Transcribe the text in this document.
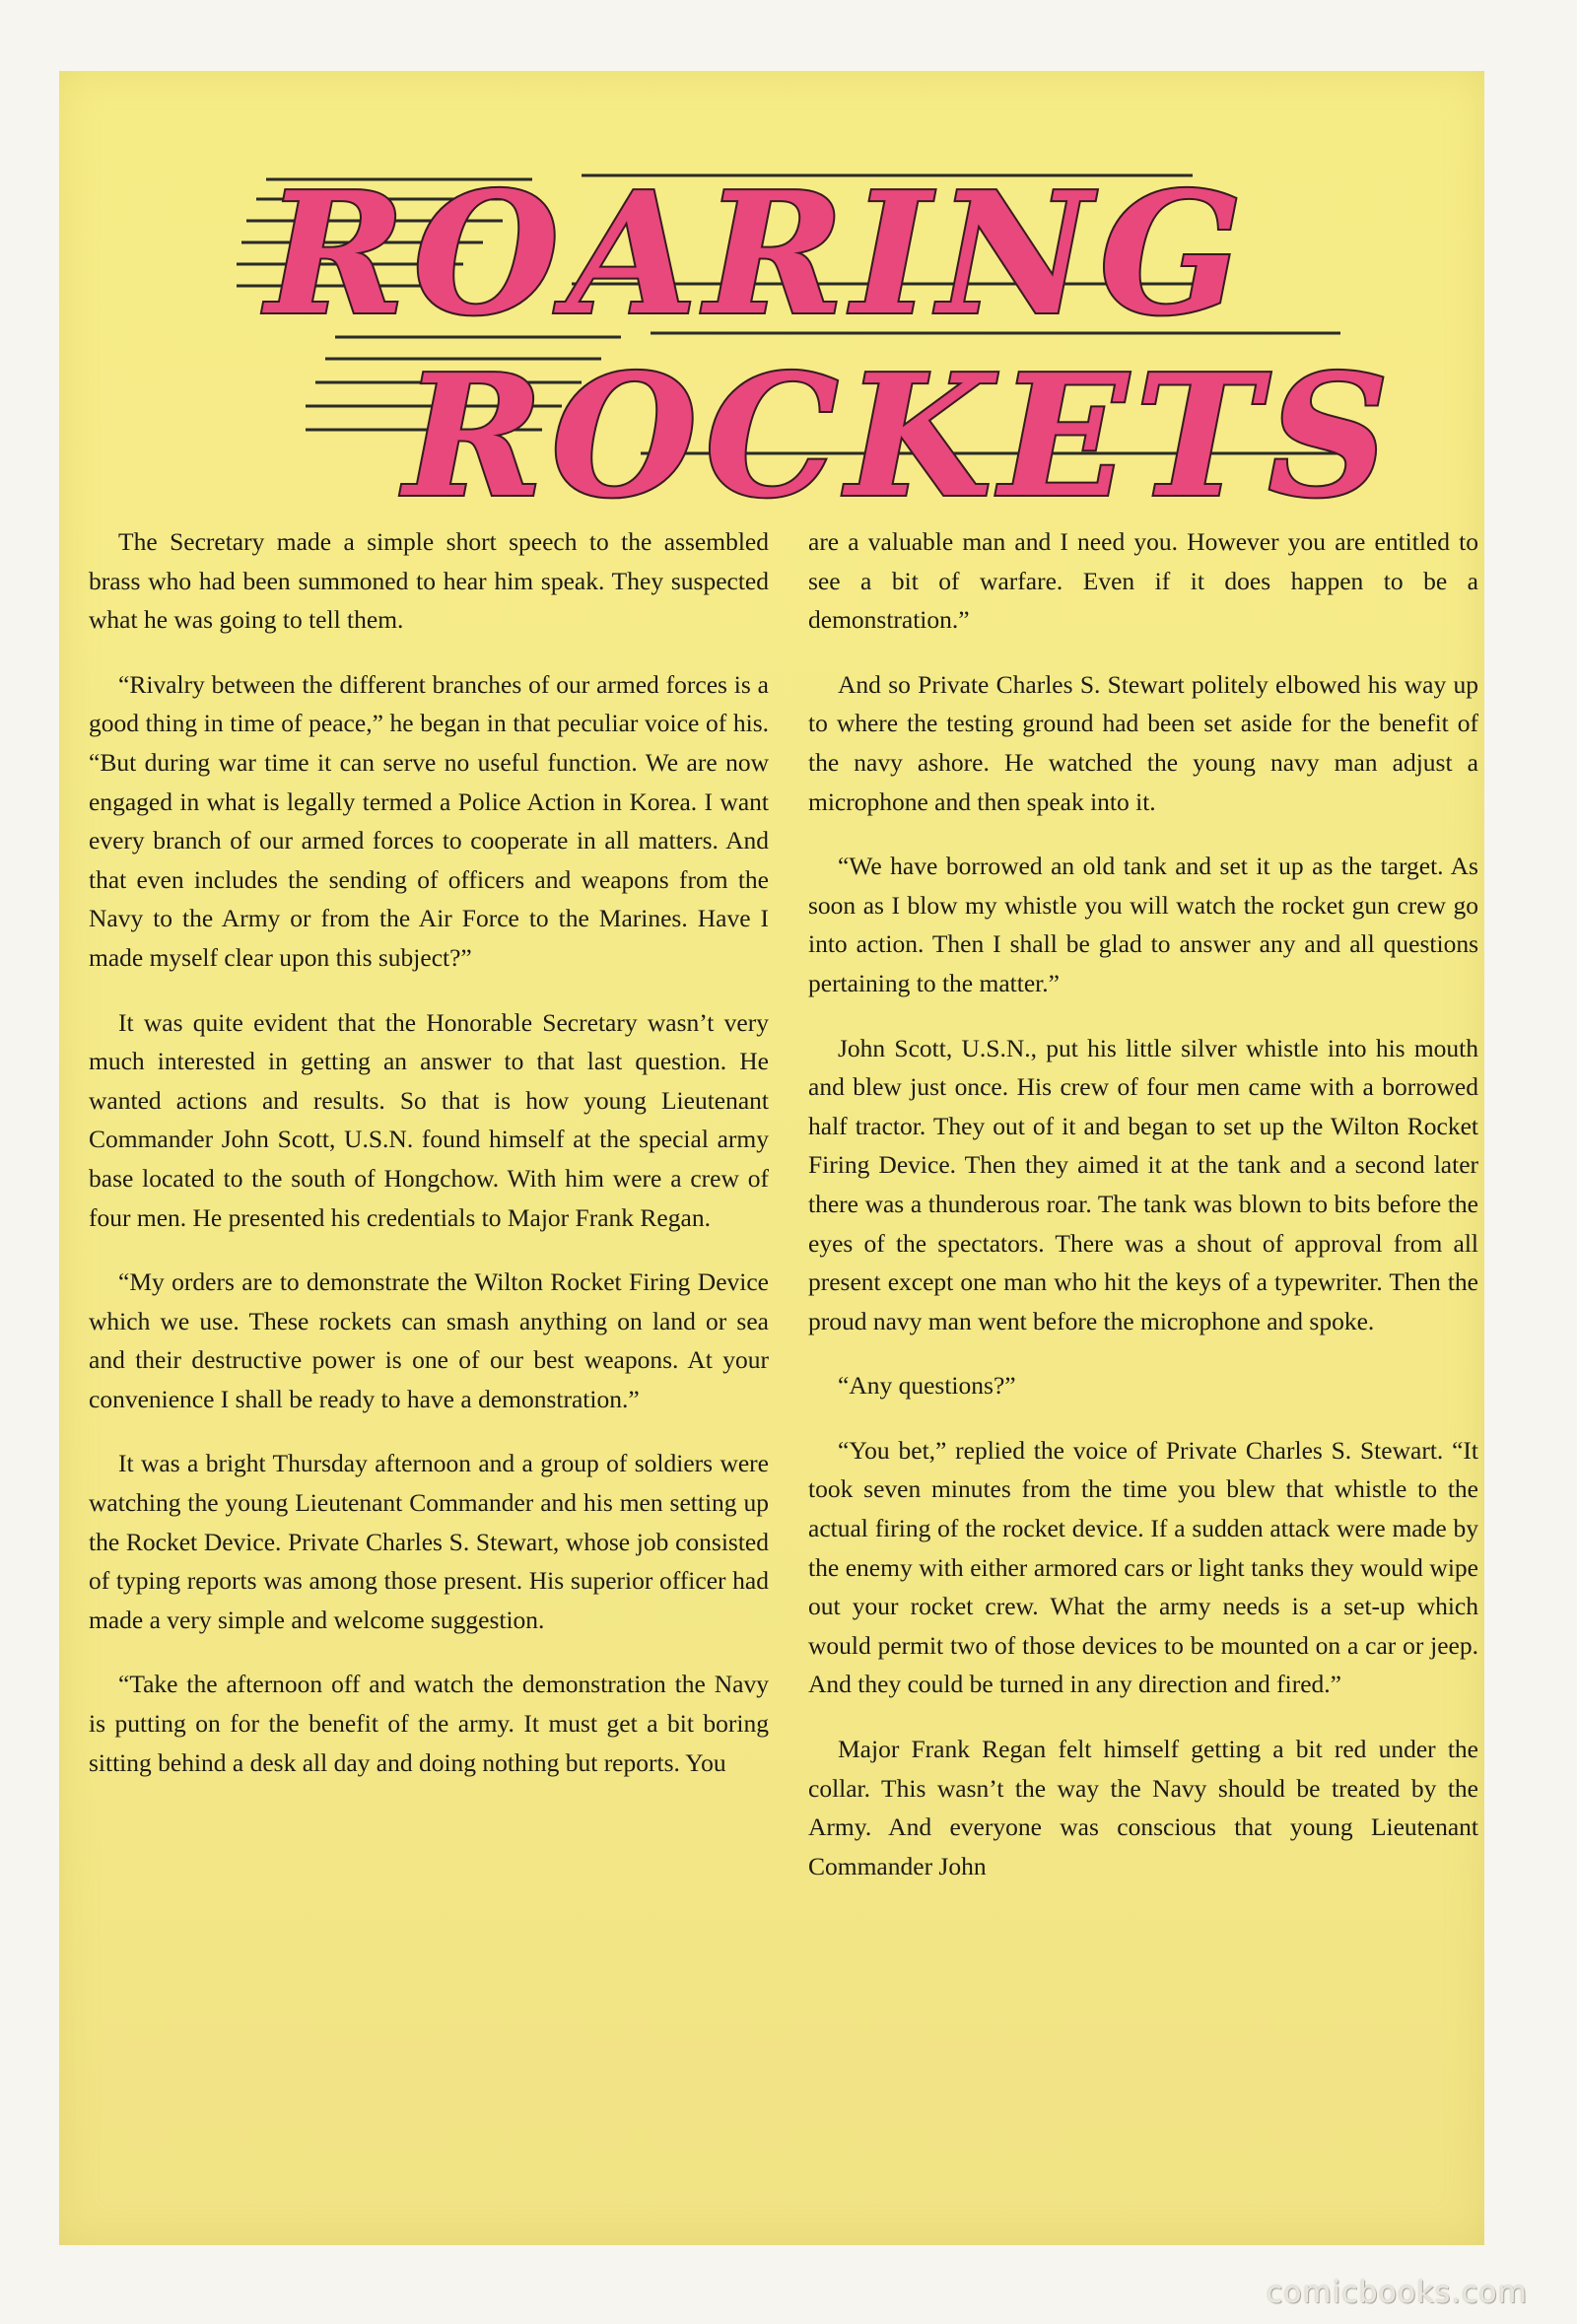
ROARING
ROCKETS

The Secretary made a simple short speech to the assembled brass who had been summoned to hear him speak. They suspected what he was going to tell them.

“Rivalry between the different branches of our armed forces is a good thing in time of peace,” he began in that peculiar voice of his. “But during war time it can serve no useful function. We are now engaged in what is legally termed a Police Action in Korea. I want every branch of our armed forces to cooperate in all matters. And that even includes the sending of officers and weapons from the Navy to the Army or from the Air Force to the Marines. Have I made myself clear upon this subject?”

It was quite evident that the Honorable Secretary wasn’t very much interested in getting an answer to that last question. He wanted actions and results. So that is how young Lieutenant Commander John Scott, U.S.N. found himself at the special army base located to the south of Hongchow. With him were a crew of four men. He presented his credentials to Major Frank Regan.

“My orders are to demonstrate the Wilton Rocket Firing Device which we use. These rockets can smash anything on land or sea and their destructive power is one of our best weapons. At your convenience I shall be ready to have a demonstration.”

It was a bright Thursday afternoon and a group of soldiers were watching the young Lieutenant Commander and his men setting up the Rocket Device. Private Charles S. Stewart, whose job consisted of typing reports was among those present. His superior officer had made a very simple and welcome suggestion.

“Take the afternoon off and watch the demonstration the Navy is putting on for the benefit of the army. It must get a bit boring sitting behind a desk all day and doing nothing but reports. You

are a valuable man and I need you. However you are entitled to see a bit of warfare. Even if it does happen to be a demonstration.”

And so Private Charles S. Stewart politely elbowed his way up to where the testing ground had been set aside for the benefit of the navy ashore. He watched the young navy man adjust a microphone and then speak into it.

“We have borrowed an old tank and set it up as the target. As soon as I blow my whistle you will watch the rocket gun crew go into action. Then I shall be glad to answer any and all questions pertaining to the matter.”

John Scott, U.S.N., put his little silver whistle into his mouth and blew just once. His crew of four men came with a borrowed half tractor. They out of it and began to set up the Wilton Rocket Firing Device. Then they aimed it at the tank and a second later there was a thunderous roar. The tank was blown to bits before the eyes of the spectators. There was a shout of approval from all present except one man who hit the keys of a typewriter. Then the proud navy man went before the microphone and spoke.

“Any questions?”

“You bet,” replied the voice of Private Charles S. Stewart. “It took seven minutes from the time you blew that whistle to the actual firing of the rocket device. If a sudden attack were made by the enemy with either armored cars or light tanks they would wipe out your rocket crew. What the army needs is a set-up which would permit two of those devices to be mounted on a car or jeep. And they could be turned in any direction and fired.”

Major Frank Regan felt himself getting a bit red under the collar. This wasn’t the way the Navy should be treated by the Army. And everyone was conscious that young Lieutenant Commander John

comicbooks.com
